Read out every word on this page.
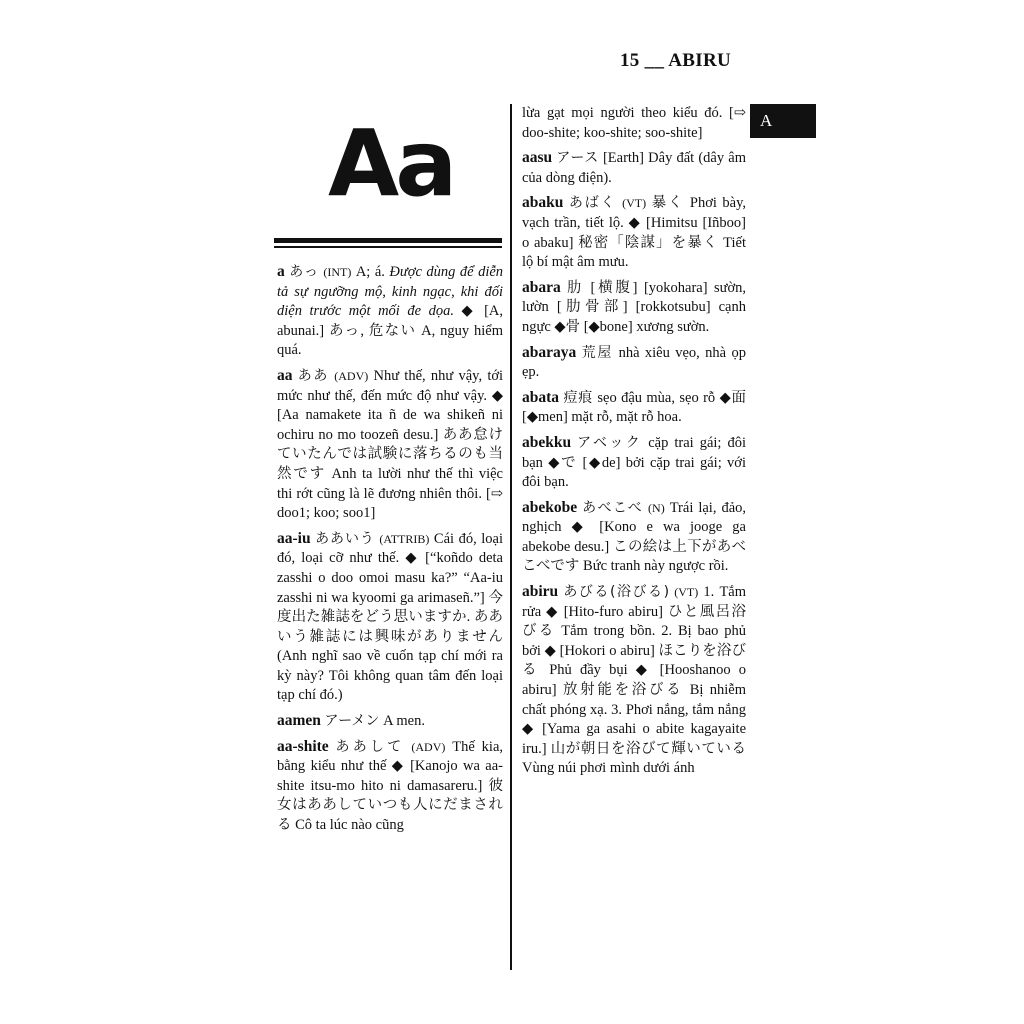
15 __ ABIRU
A
Aa
a あっ (INT) A; á. Được dùng để diễn tả sự ngưỡng mộ, kinh ngạc, khi đối diện trước một mối đe dọa. ◆ [A, abunai.] あっ, 危ない A, nguy hiểm quá.
aa ああ (ADV) Như thế, như vậy, tới mức như thế, đến mức độ như vậy. ◆ [Aa namakete ita ñ de wa shikeñ ni ochiru no mo toozeñ desu.] ああ怠けていたんでは試験に落ちるのも当然です Anh ta lười như thế thì việc thi rớt cũng là lẽ đương nhiên thôi. [⇨ doo1; koo; soo1]
aa-iu ああいう (ATTRIB) Cái đó, loại đó, loại cỡ như thế. ◆ [“koñdo deta zasshi o doo omoi masu ka?” “Aa-iu zasshi ni wa kyoomi ga arimaseñ.”] 今度出た雑誌をどう思いますか. ああいう雑誌には興味がありません (Anh nghĩ sao về cuốn tạp chí mới ra kỳ này? Tôi không quan tâm đến loại tạp chí đó.)
aamen アーメン A men.
aa-shite ああして (ADV) Thế kia, bằng kiểu như thế ◆ [Kanojo wa aa-shite itsu-mo hito ni damasareru.] 彼女はああしていつも人にだまされる Cô ta lúc nào cũng
lừa gạt mọi người theo kiểu đó. [⇨ doo-shite; koo-shite; soo-shite]
aasu アース [Earth] Dây đất (dây âm của dòng điện).
abaku あばく (VT) 暴く Phơi bày, vạch trần, tiết lộ. ◆ [Himitsu [Iñboo] o abaku] 秘密「陰謀」を暴く Tiết lộ bí mật âm mưu.
abara 肋 [横腹] [yokohara] sườn, lườn [肋骨部] [rokkotsubu] cạnh ngực ◆骨 [◆bone] xương sườn.
abaraya 荒屋 nhà xiêu vẹo, nhà ọp ẹp.
abata 痘痕 sẹo đậu mùa, sẹo rỗ ◆面 [◆men] mặt rỗ, mặt rỗ hoa.
abekku アベック cặp trai gái; đôi bạn ◆で [◆de] bởi cặp trai gái; với đôi bạn.
abekobe あべこべ (N) Trái lại, đảo, nghịch ◆ [Kono e wa jooge ga abekobe desu.] この絵は上下があべこべです Bức tranh này ngược rồi.
abiru あびる(浴びる) (VT) 1. Tắm rửa ◆ [Hito-furo abiru] ひと風呂浴びる Tắm trong bồn. 2. Bị bao phủ bởi ◆ [Hokori o abiru] ほこりを浴びる Phủ đầy bụi ◆ [Hooshanoo o abiru] 放射能を浴びる Bị nhiễm chất phóng xạ. 3. Phơi nắng, tắm nắng ◆ [Yama ga asahi o abite kagayaite iru.] 山が朝日を浴びて輝いている Vùng núi phơi mình dưới ánh
